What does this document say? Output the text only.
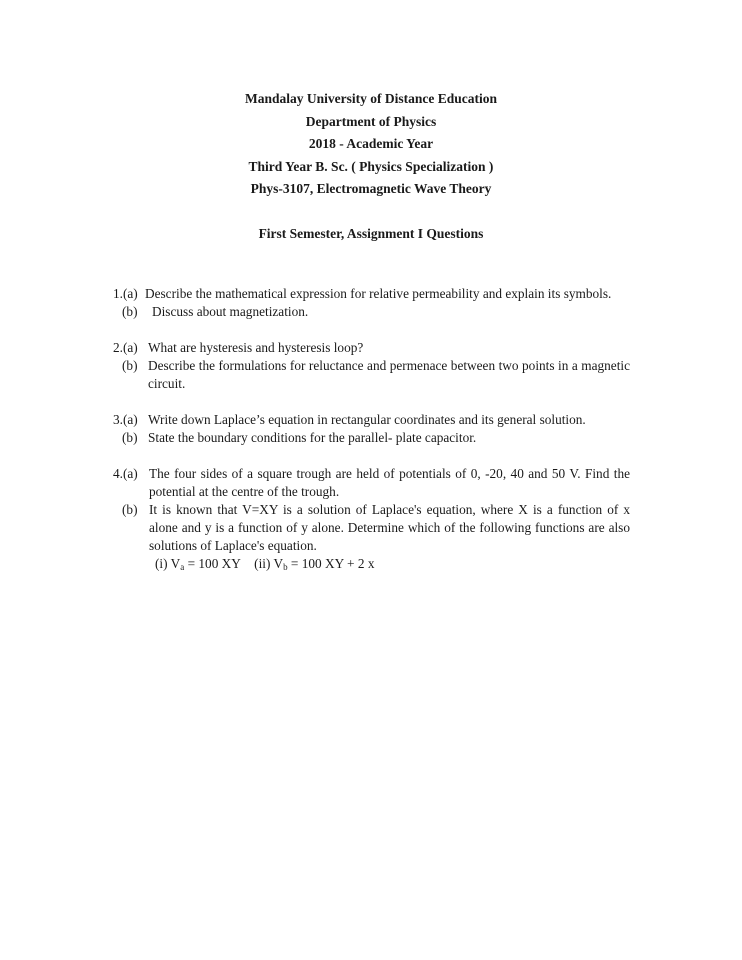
Mandalay University of Distance Education
Department of Physics
2018 - Academic Year
Third Year B. Sc. ( Physics Specialization )
Phys-3107, Electromagnetic Wave Theory
First Semester, Assignment I Questions
1.(a) Describe the mathematical expression for relative permeability and explain its symbols.
(b)	Discuss about magnetization.
2.(a) What are hysteresis and hysteresis loop?
(b) Describe the formulations for reluctance and permenace between two points in a magnetic circuit.
3.(a) Write down Laplace’s equation in rectangular coordinates and its general solution.
(b) State the boundary conditions for the parallel- plate capacitor.
4.(a) The four sides of a square trough are held of potentials of 0, -20, 40 and 50 V. Find the potential at the centre of the trough.
(b) It is known that V=XY is a solution of Laplace's equation, where X is a function of x alone and y is a function of y alone. Determine which of the following functions are also solutions of Laplace's equation.
(i) $V_a = 100$ XY (ii) $V_b = 100$ XY + 2 x
